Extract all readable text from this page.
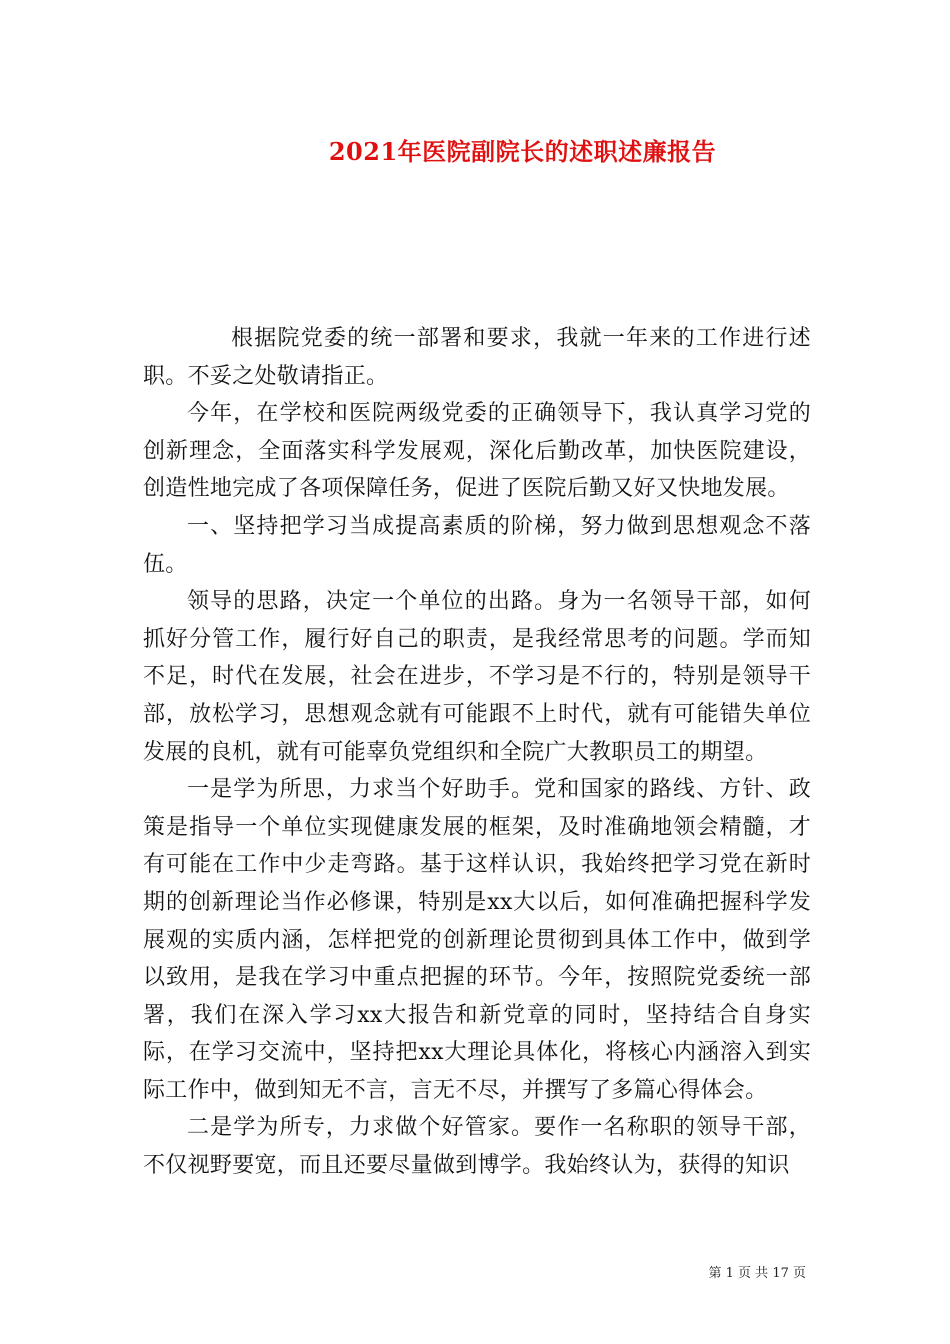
2021年医院副院长的述职述廉报告

根据院党委的统一部署和要求，我就一年来的工作进行述职。不妥之处敬请指正。

今年，在学校和医院两级党委的正确领导下，我认真学习党的创新理念，全面落实科学发展观，深化后勤改革，加快医院建设，创造性地完成了各项保障任务，促进了医院后勤又好又快地发展。

一、坚持把学习当成提高素质的阶梯，努力做到思想观念不落伍。

领导的思路，决定一个单位的出路。身为一名领导干部，如何抓好分管工作，履行好自己的职责，是我经常思考的问题。学而知不足，时代在发展，社会在进步，不学习是不行的，特别是领导干部，放松学习，思想观念就有可能跟不上时代，就有可能错失单位发展的良机，就有可能辜负党组织和全院广大教职员工的期望。

一是学为所思，力求当个好助手。党和国家的路线、方针、政策是指导一个单位实现健康发展的框架，及时准确地领会精髓，才有可能在工作中少走弯路。基于这样认识，我始终把学习党在新时期的创新理论当作必修课，特别是xx大以后，如何准确把握科学发展观的实质内涵，怎样把党的创新理论贯彻到具体工作中，做到学以致用，是我在学习中重点把握的环节。今年，按照院党委统一部署，我们在深入学习xx大报告和新党章的同时，坚持结合自身实际，在学习交流中，坚持把xx大理论具体化，将核心内涵溶入到实际工作中，做到知无不言，言无不尽，并撰写了多篇心得体会。

二是学为所专，力求做个好管家。要作一名称职的领导干部，不仅视野要宽，而且还要尽量做到博学。我始终认为，获得的知识

第 1 页 共 17 页
